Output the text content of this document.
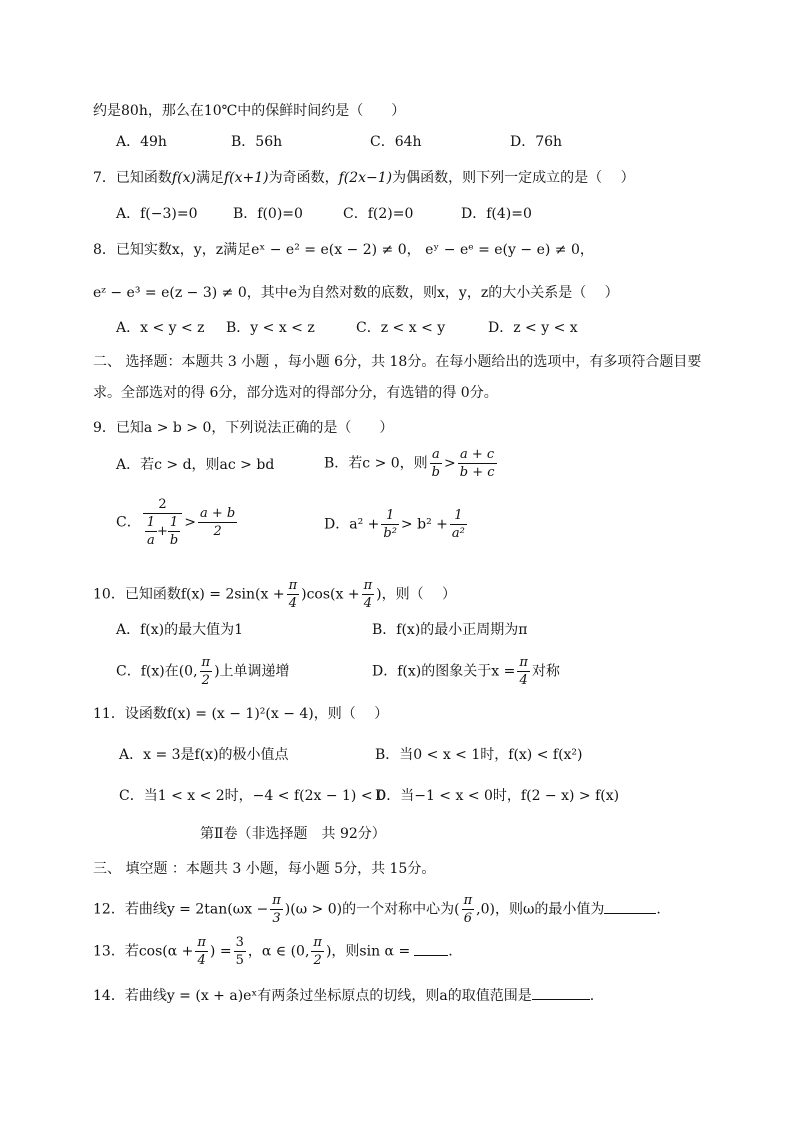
约是80h，那么在10℃中的保鲜时间约是（　　）
A．49h	B．56h	C．64h	D．76h
7．已知函数f(x)满足f(x+1)为奇函数，f(2x−1)为偶函数，则下列一定成立的是（　 ）
A．f(−3)=0	B．f(0)=0	C．f(2)=0	D．f(4)=0
8．已知实数x，y，z满足eˣ − e² = e(x − 2) ≠ 0， eʸ − eᵉ = e(y − e) ≠ 0，
eᶻ − e³ = e(z − 3) ≠ 0，其中e为自然对数的底数，则x，y，z的大小关系是（　 ）
A．x < y < z B．y < x < z	C．z < x < y	D．z < y < x
二、 选择题：本题共 3 小题 ，每小题 6分，共 18分。在每小题给出的选项中，有多项符合题目要
求。全部选对的得 6分，部分选对的得部分分，有选错的得 0分。
9．已知a > b > 0，下列说法正确的是（　　）
A．若c > d，则ac > bd	B．若c > 0，则 $\frac{a}{b} > \frac{a + c}{b + c}$
C． $\frac{2}{\frac{1}{a} + \frac{1}{b}} > \frac{a + b}{2}$	D．$a^2 + \frac{1}{\text{b²}} > b^2 + \frac{1}{\text{a²}}$
10．已知函数$f(x) = 2\sin(x + \frac{\pi}{4} )\cos(x + \frac{\pi}{4}$ )，则（　 ）
A．f(x)的最大值为1	B．f(x)的最小正周期为π
C．f(x)在(0, $\frac{\pi}{2}$ )上单调递增	D．f(x)的图象关于$x = \frac{\pi}{4}$ 对称
11．设函数f(x) = (x − 1)²(x − 4)，则（　 ）
A．x = 3是f(x)的极小值点	B．当0 < x < 1时，f(x) < f(x²)
C．当1 < x < 2时，−4 < f(2x − 1) < 0
D．当−1 < x < 0时，f(2 − x) > f(x)
第Ⅱ卷（非选择题　共 92分）
三、 填空题 ：本题共 3 小题，每小题 5分，共 15分。
12．若曲线$y = 2\tan(\omega x - \frac{\pi}{3} )(\omega > 0)$的一个对称中心为( $\frac{\pi}{6} ,0$)，则ω的最小值为	.
13．若$\cos(\alpha + \frac{\pi}{4}$ ) = $\frac{3}{5}$ ，α ∈ (0, $\frac{\pi}{2}$ )，则sin α =	.
14．若曲线y = (x + a)eˣ有两条过坐标原点的切线，则a的取值范围是	.
